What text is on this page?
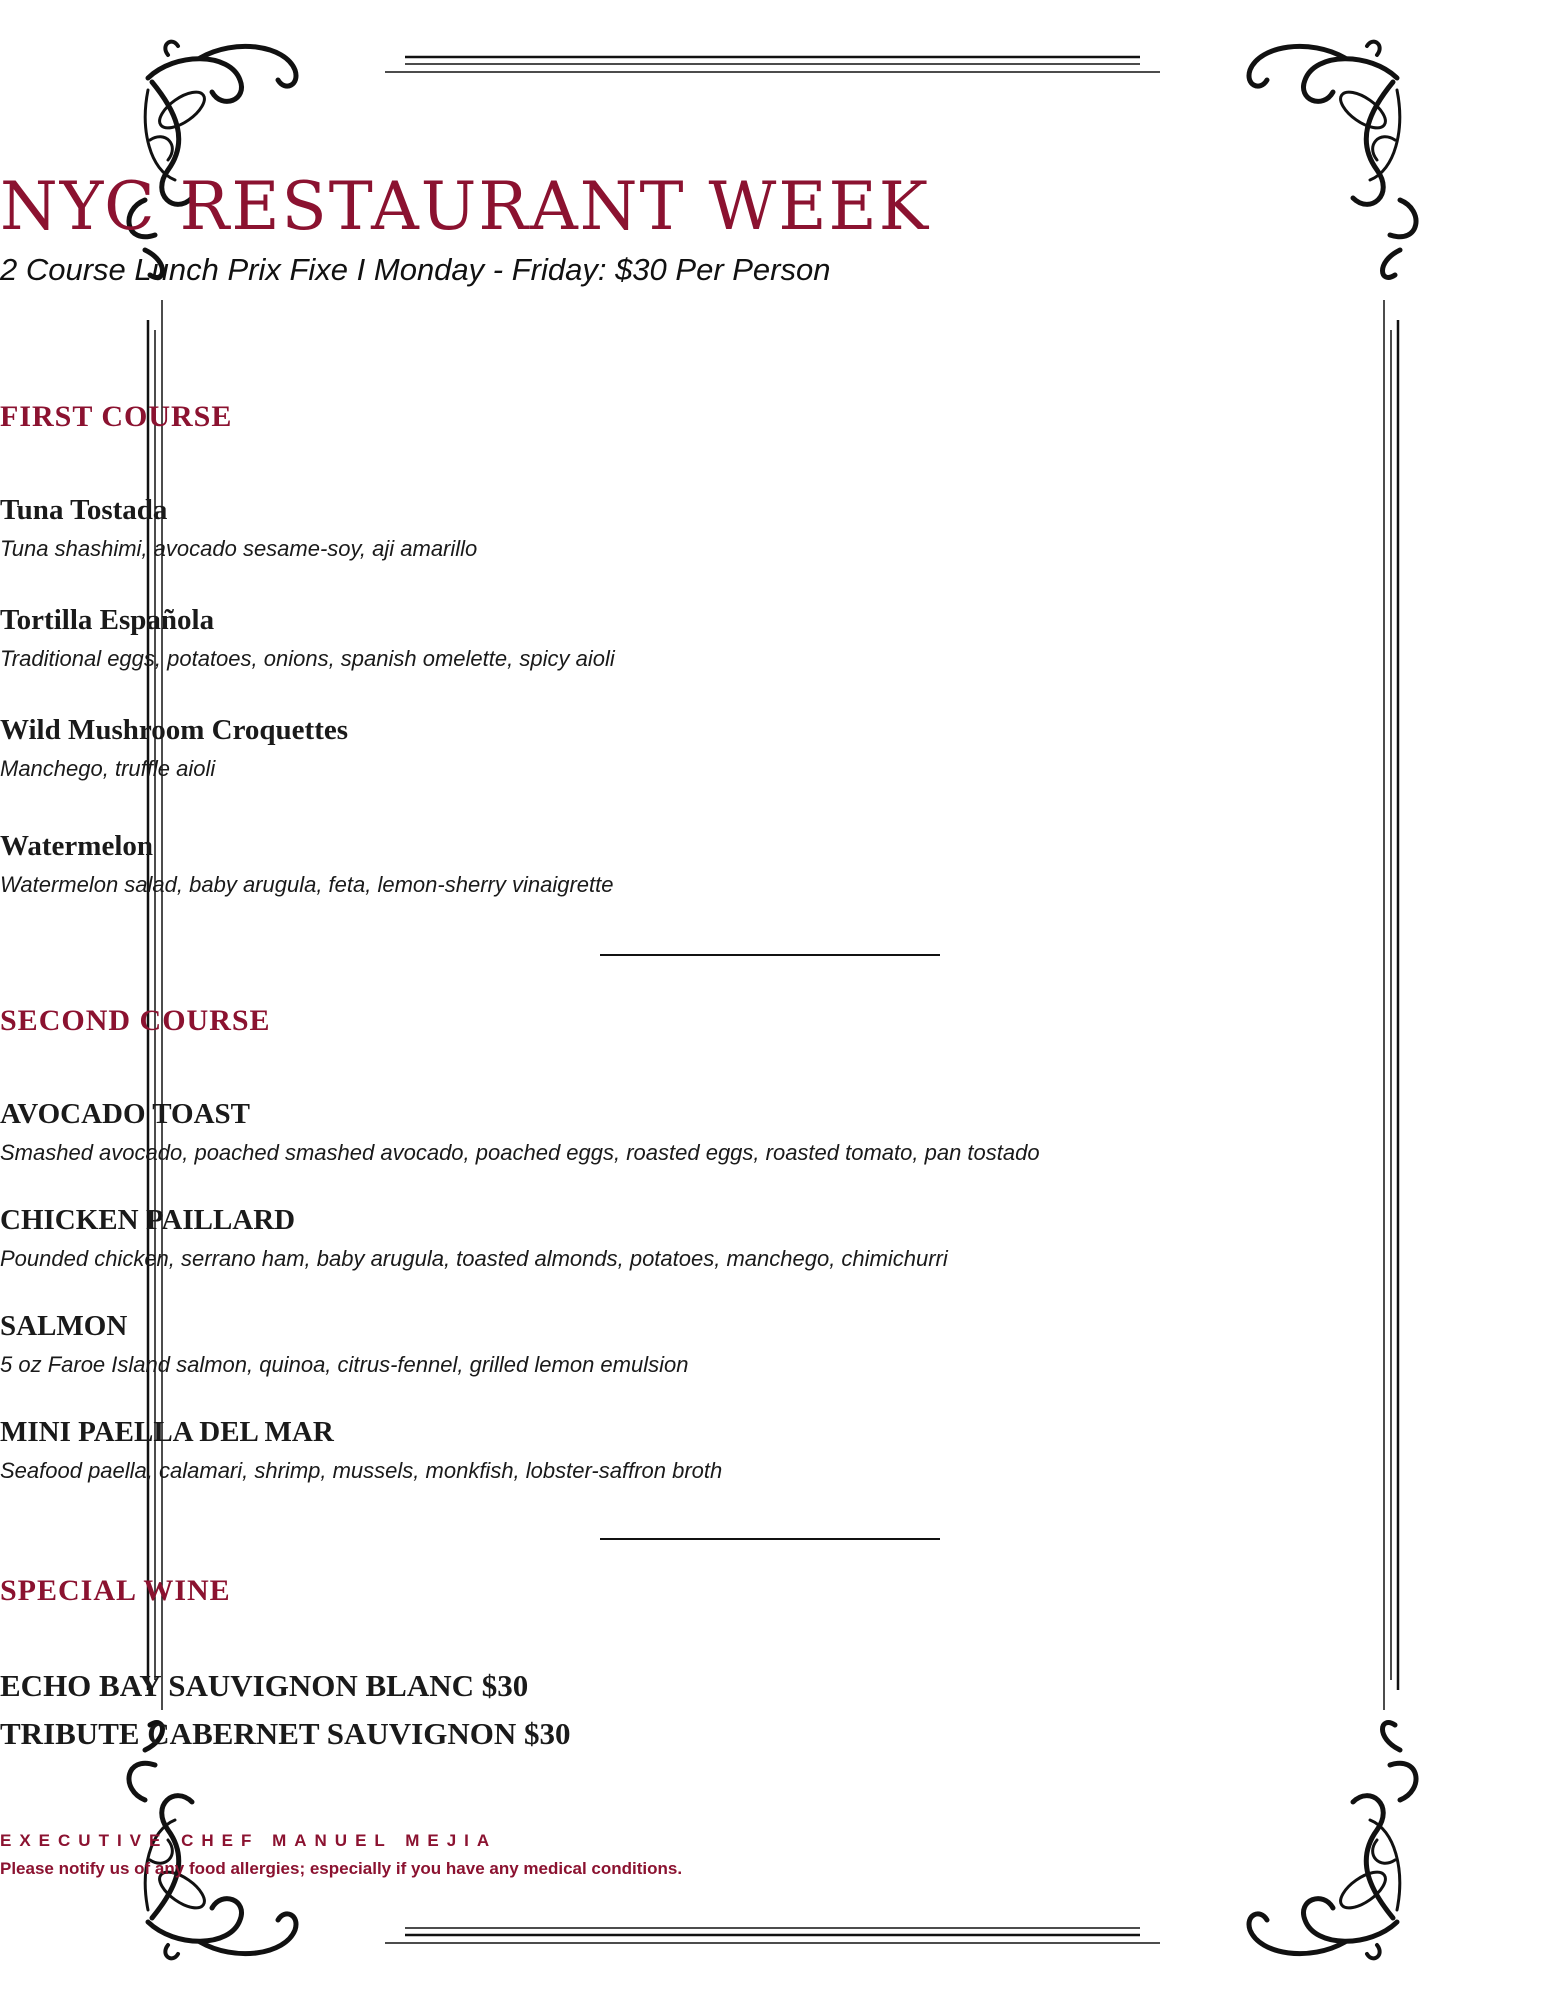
NYC RESTAURANT WEEK
2 Course Lunch Prix Fixe I Monday - Friday: $30 Per Person
FIRST COURSE
Tuna Tostada
Tuna shashimi, avocado sesame-soy, aji amarillo
Tortilla Española
Traditional eggs, potatoes, onions, spanish omelette, spicy aioli
Wild Mushroom Croquettes
Manchego, truffle aioli
Watermelon
Watermelon salad, baby arugula, feta, lemon-sherry vinaigrette
SECOND COURSE
AVOCADO TOAST
Smashed avocado, poached smashed avocado, poached eggs, roasted eggs, roasted tomato, pan tostado
CHICKEN PAILLARD
Pounded chicken, serrano ham, baby arugula, toasted almonds, potatoes, manchego, chimichurri
SALMON
5 oz Faroe Island salmon, quinoa, citrus-fennel, grilled lemon emulsion
MINI PAELLA DEL MAR
Seafood paella, calamari, shrimp, mussels, monkfish, lobster-saffron broth
SPECIAL WINE
ECHO BAY SAUVIGNON BLANC $30
TRIBUTE CABERNET SAUVIGNON $30
EXECUTIVE CHEF MANUEL MEJIA
Please notify us of any food allergies; especially if you have any medical conditions.
